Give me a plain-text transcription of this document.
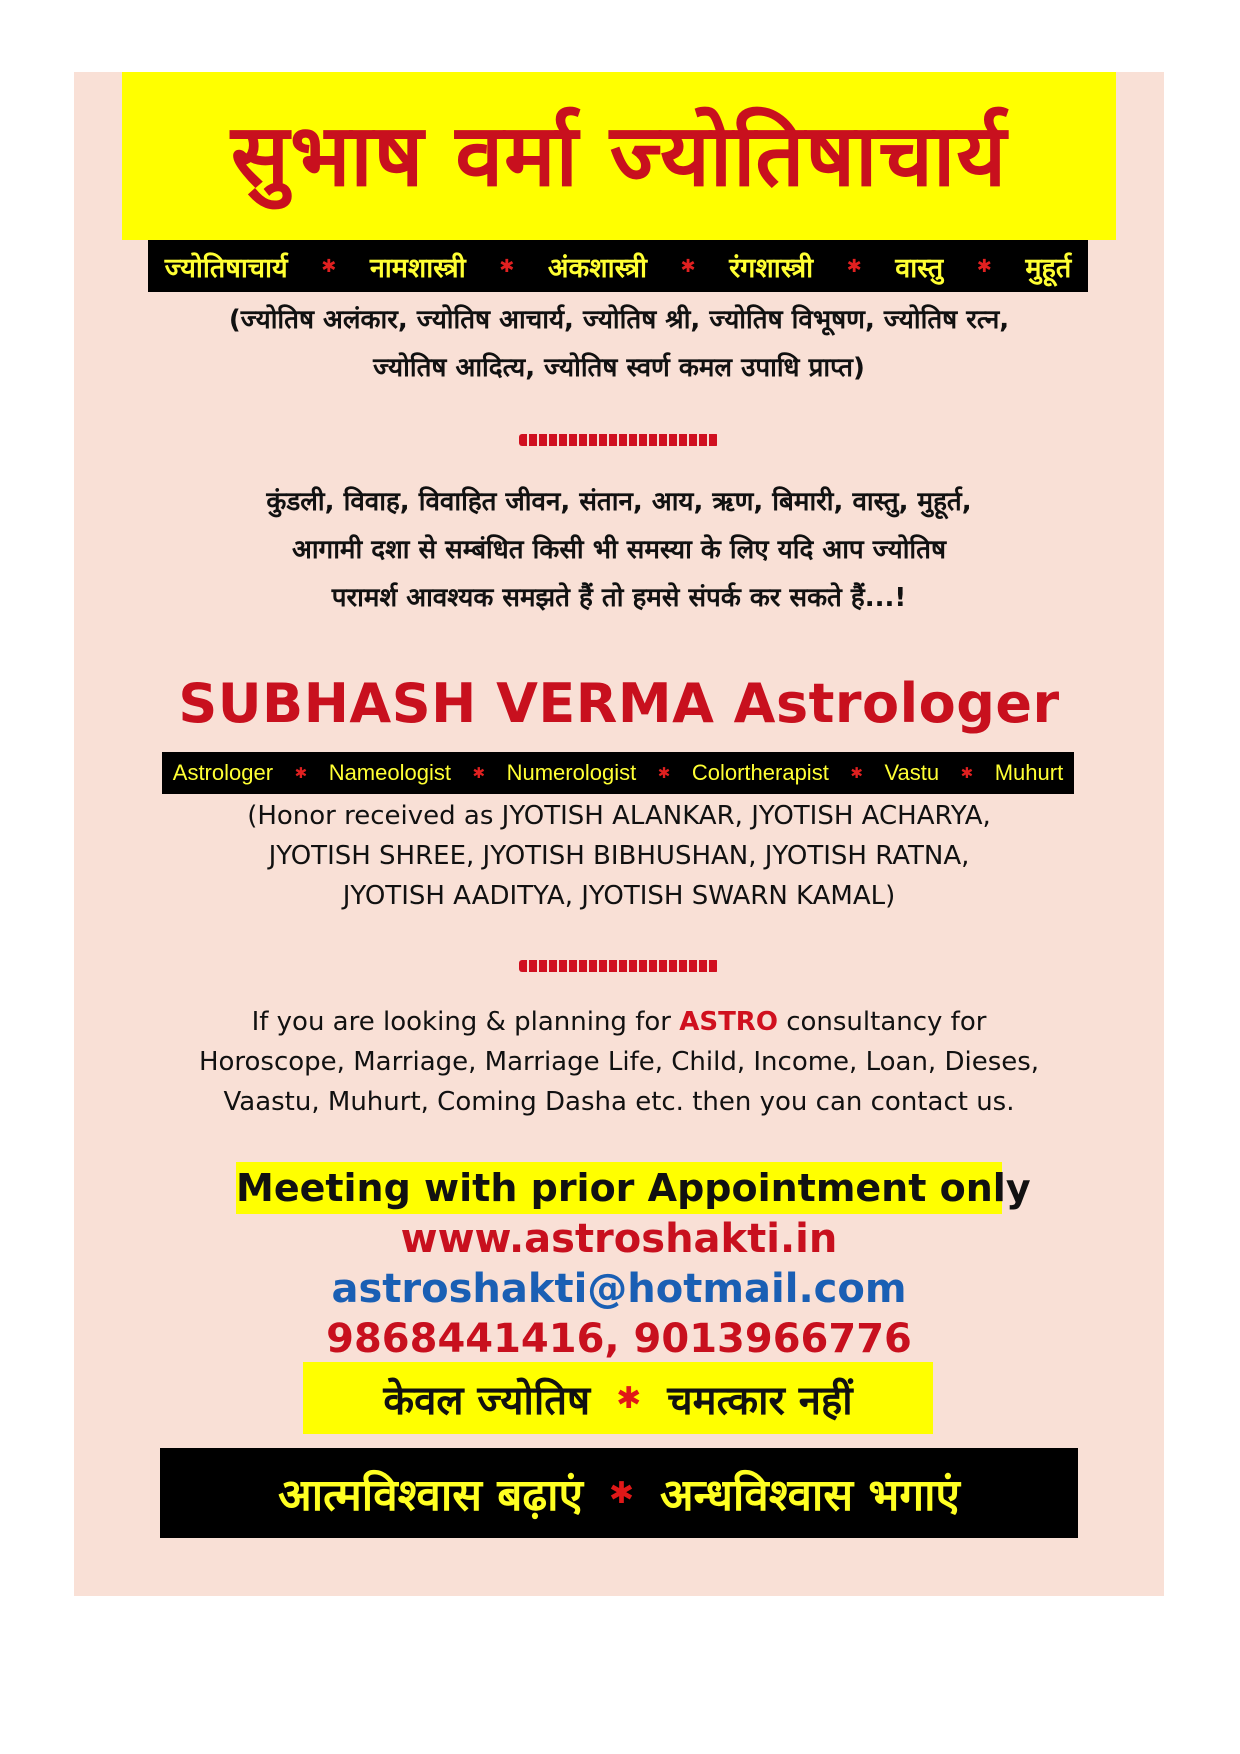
सुभाष वर्मा ज्योतिषाचार्य
ज्योतिषाचार्य ✱ नामशास्त्री ✱ अंकशास्त्री ✱ रंगशास्त्री ✱ वास्तु ✱ मुहूर्त
(ज्योतिष अलंकार, ज्योतिष आचार्य, ज्योतिष श्री, ज्योतिष विभूषण, ज्योतिष रत्न,
ज्योतिष आदित्य, ज्योतिष स्वर्ण कमल उपाधि प्राप्त)
कुंडली, विवाह, विवाहित जीवन, संतान, आय, ऋण, बिमारी, वास्तु, मुहूर्त,
आगामी दशा से सम्बंधित किसी भी समस्या के लिए यदि आप ज्योतिष
परामर्श आवश्यक समझते हैं तो हमसे संपर्क कर सकते हैं...!
SUBHASH VERMA Astrologer
Astrologer ✱ Nameologist ✱ Numerologist ✱ Colortherapist ✱ Vastu ✱ Muhurt
(Honor received as JYOTISH ALANKAR, JYOTISH ACHARYA,
JYOTISH SHREE, JYOTISH BIBHUSHAN, JYOTISH RATNA,
JYOTISH AADITYA, JYOTISH SWARN KAMAL)
If you are looking & planning for ASTRO consultancy for
Horoscope, Marriage, Marriage Life, Child, Income, Loan, Dieses,
Vaastu, Muhurt, Coming Dasha etc. then you can contact us.
Meeting with prior Appointment only
www.astroshakti.in
astroshakti@hotmail.com
9868441416, 9013966776
केवल ज्योतिष ✱ चमत्कार नहीं
आत्मविश्वास बढ़ाएं ✱ अन्धविश्वास भगाएं
